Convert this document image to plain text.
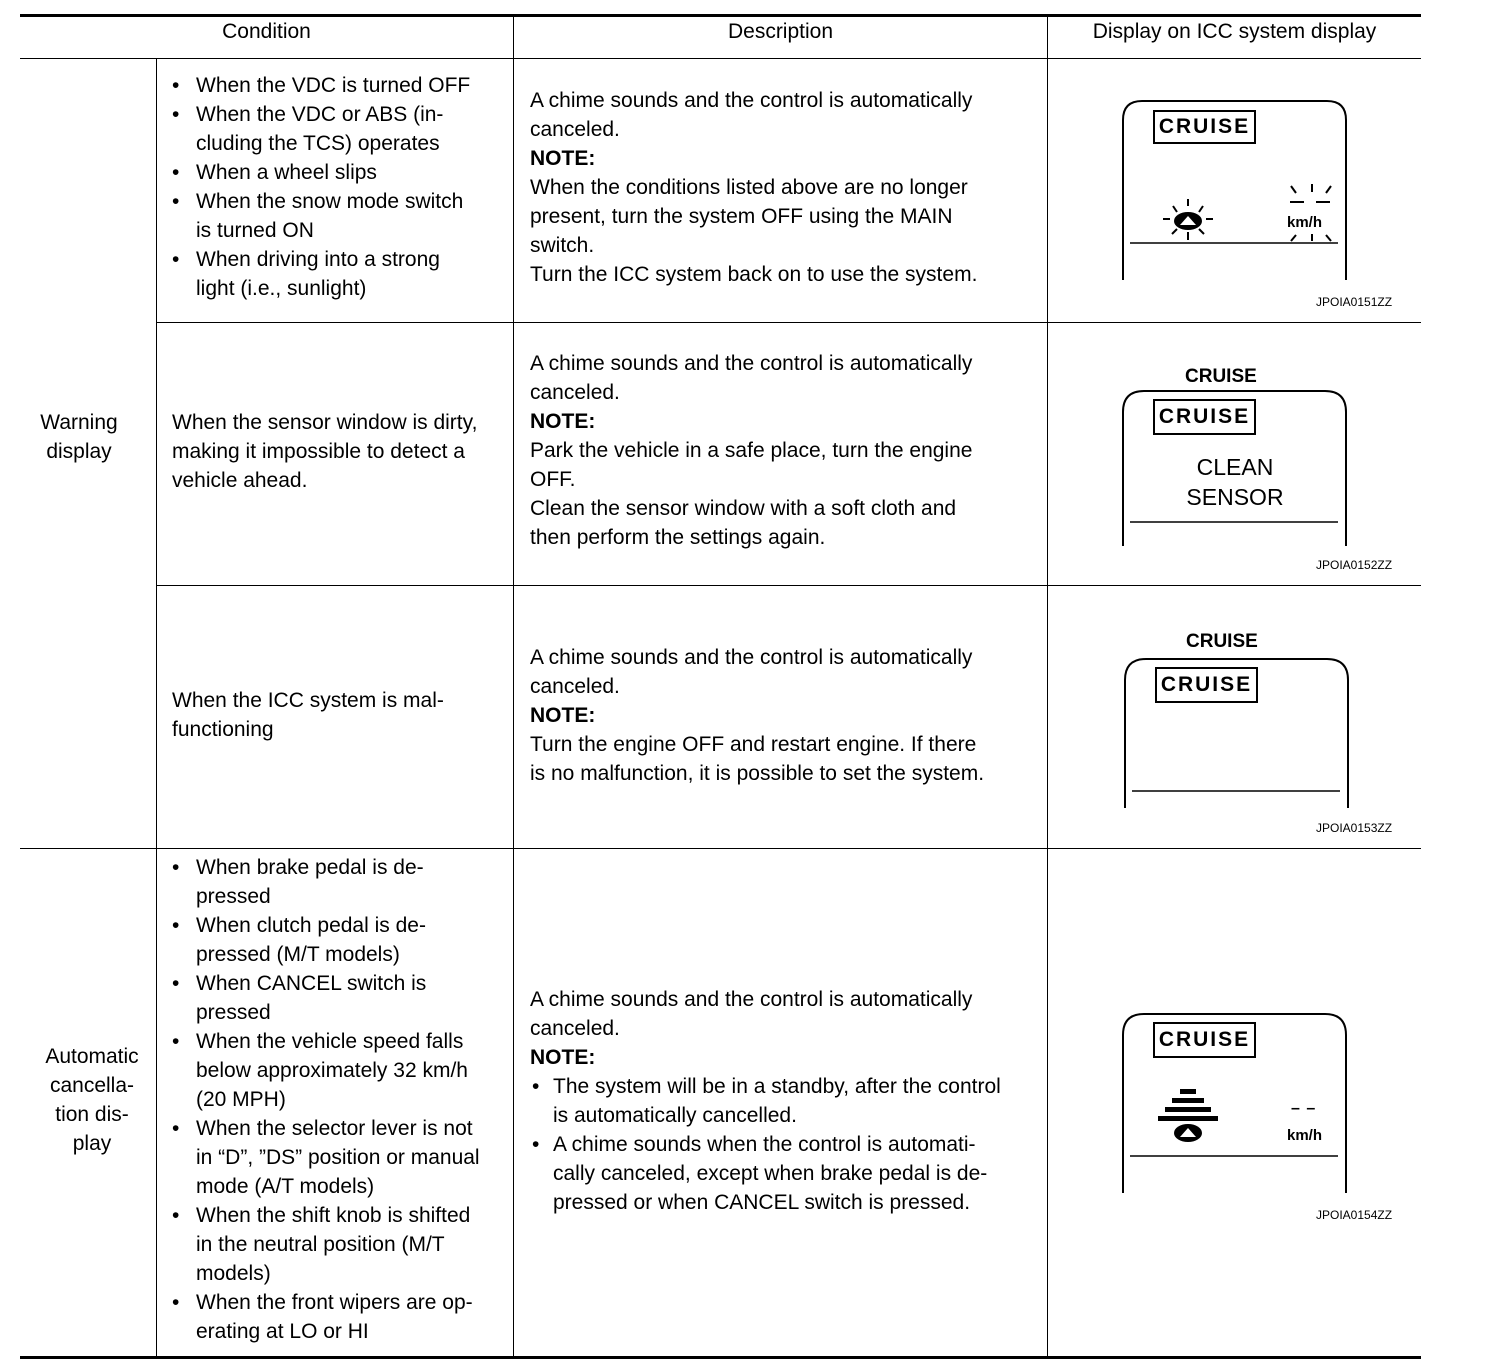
Condition	Description	Display on ICC system display
Warning
display
Automatic
cancella-
tion dis-
play
• When the VDC is turned OFF
• When the VDC or ABS (in-
cluding the TCS) operates
• When a wheel slips
• When the snow mode switch
is turned ON
• When driving into a strong
light (i.e., sunlight)

A chime sounds and the control is automatically
canceled.

NOTE:

When the conditions listed above are no longer
present, turn the system OFF using the MAIN
switch.
Turn the ICC system back on to use the system.

CRUISE
km/h
JPOIA0151ZZ
When the sensor window is dirty,
making it impossible to detect a
vehicle ahead.

A chime sounds and the control is automatically
canceled.

NOTE:

Park the vehicle in a safe place, turn the engine
OFF.
Clean the sensor window with a soft cloth and
then perform the settings again.

CRUISE
CRUISE
CLEAN
SENSOR
JPOIA0152ZZ
When the ICC system is mal-
functioning

A chime sounds and the control is automatically
canceled.

NOTE:

Turn the engine OFF and restart engine. If there
is no malfunction, it is possible to set the system.

CRUISE
CRUISE
JPOIA0153ZZ
• When brake pedal is de-
pressed
• When clutch pedal is de-
pressed (M/T models)
• When CANCEL switch is
pressed
• When the vehicle speed falls
below approximately 32 km/h
(20 MPH)
• When the selector lever is not
in “D”, ”DS” position or manual
mode (A/T models)
• When the shift knob is shifted
in the neutral position (M/T
models)
• When the front wipers are op-
erating at LO or HI

A chime sounds and the control is automatically
canceled.

NOTE:

• The system will be in a standby, after the control
is automatically cancelled.
• A chime sounds when the control is automati-
cally canceled, except when brake pedal is de-
pressed or when CANCEL switch is pressed.
CRUISE
– –
km/h
JPOIA0154ZZ
